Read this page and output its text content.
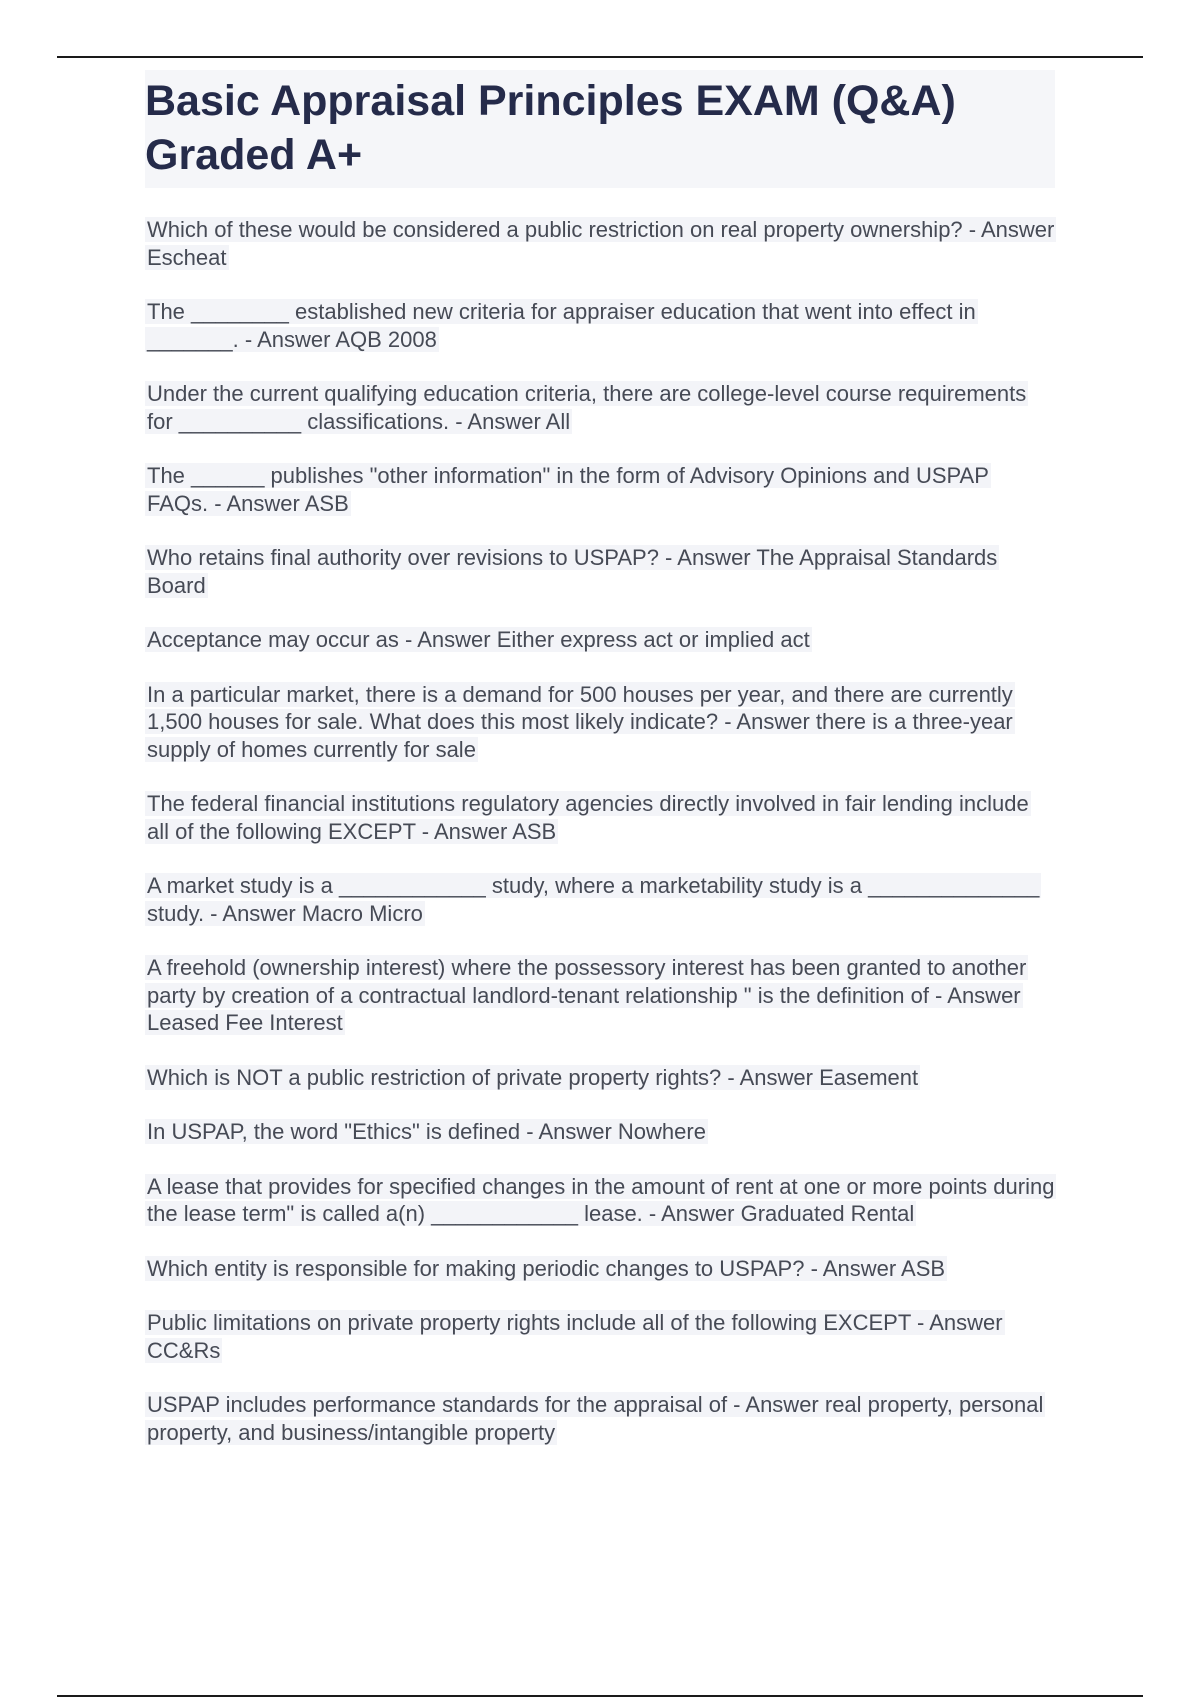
Basic Appraisal Principles EXAM (Q&A) Graded A+
Which of these would be considered a public restriction on real property ownership? - Answer Escheat
The ________ established new criteria for appraiser education that went into effect in _______. - Answer AQB 2008
Under the current qualifying education criteria, there are college-level course requirements for __________ classifications. - Answer All
The ______ publishes "other information" in the form of Advisory Opinions and USPAP FAQs. - Answer ASB
Who retains final authority over revisions to USPAP? - Answer The Appraisal Standards Board
Acceptance may occur as - Answer Either express act or implied act
In a particular market, there is a demand for 500 houses per year, and there are currently 1,500 houses for sale. What does this most likely indicate? - Answer there is a three-year supply of homes currently for sale
The federal financial institutions regulatory agencies directly involved in fair lending include all of the following EXCEPT - Answer ASB
A market study is a ____________ study, where a marketability study is a ______________ study. - Answer Macro Micro
A freehold (ownership interest) where the possessory interest has been granted to another party by creation of a contractual landlord-tenant relationship " is the definition of - Answer Leased Fee Interest
Which is NOT a public restriction of private property rights? - Answer Easement
In USPAP, the word "Ethics" is defined - Answer Nowhere
A lease that provides for specified changes in the amount of rent at one or more points during the lease term" is called a(n) ____________ lease. - Answer Graduated Rental
Which entity is responsible for making periodic changes to USPAP? - Answer ASB
Public limitations on private property rights include all of the following EXCEPT - Answer CC&Rs
USPAP includes performance standards for the appraisal of - Answer real property, personal property, and business/intangible property
